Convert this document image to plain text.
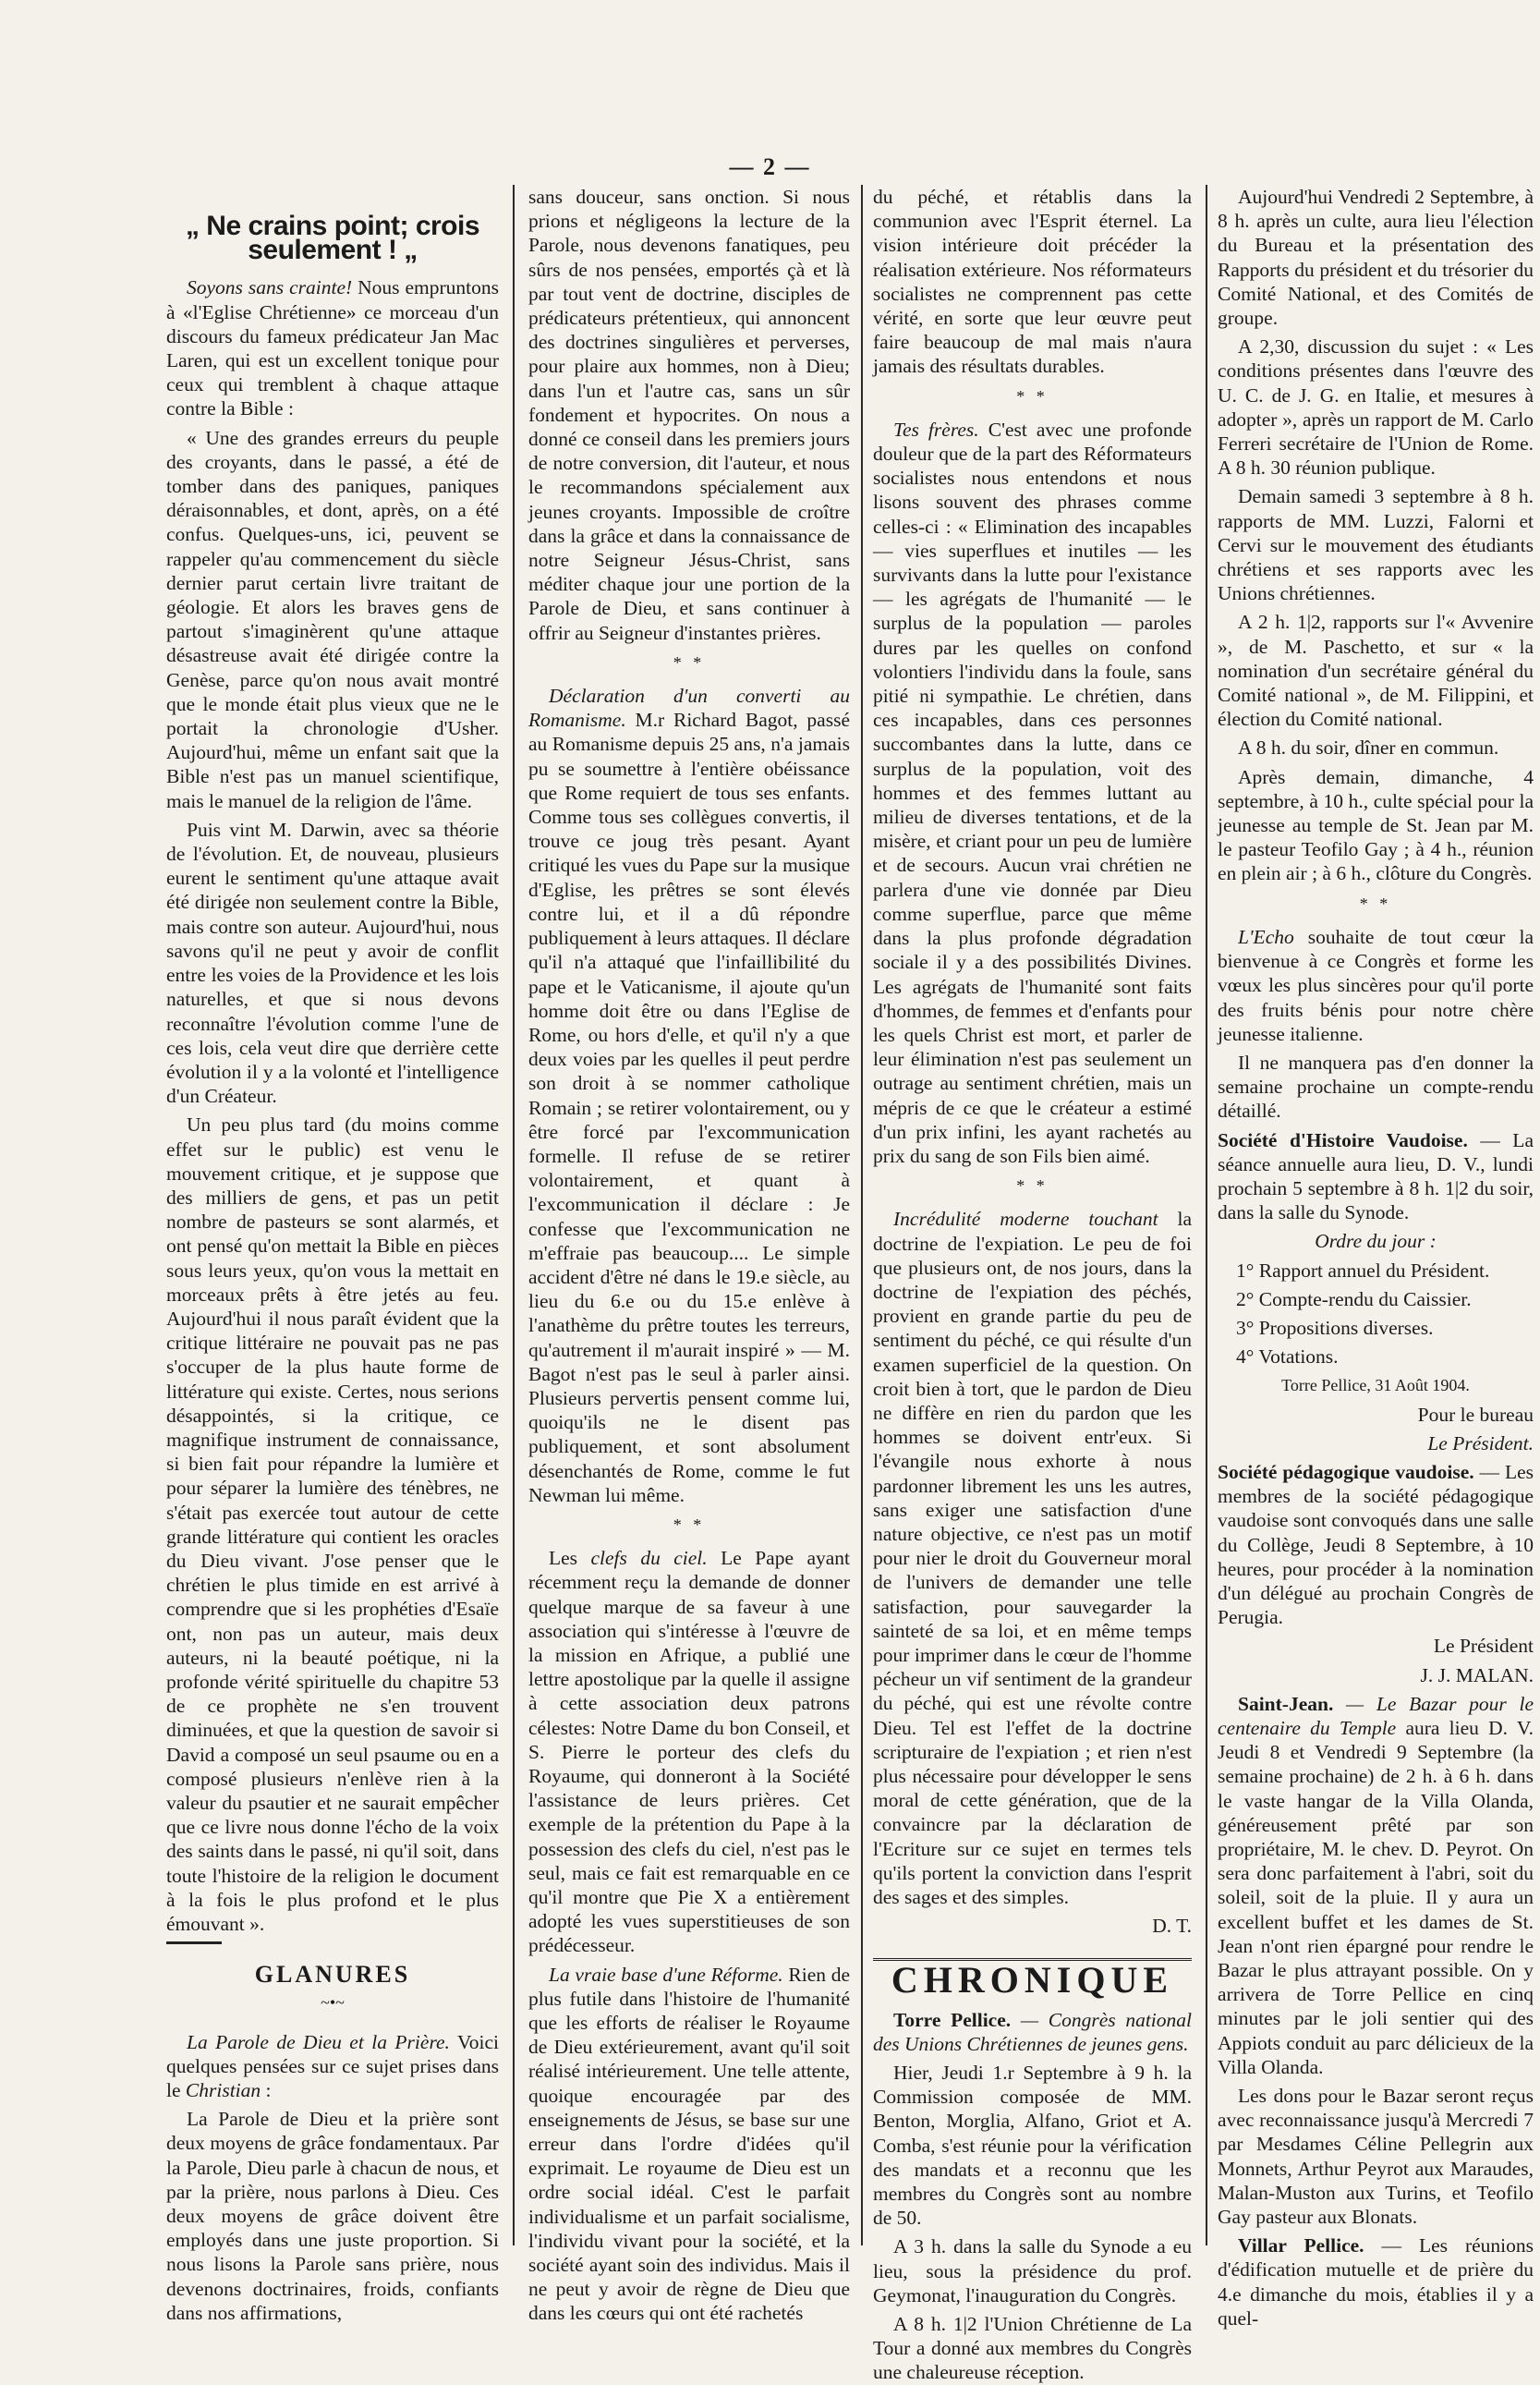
— 2 —
„ Ne crains point; crois seulement ! „

Soyons sans crainte! Nous empruntons à «l'Eglise Chrétienne» ce morceau d'un discours du fameux prédicateur Jan Mac Laren, qui est un excellent tonique pour ceux qui tremblent à chaque attaque contre la Bible :

« Une des grandes erreurs du peuple des croyants, dans le passé, a été de tomber dans des paniques, paniques déraisonnables, et dont, après, on a été confus. Quelques-uns, ici, peuvent se rappeler qu'au commencement du siècle dernier parut certain livre traitant de géologie. Et alors les braves gens de partout s'imaginèrent qu'une attaque désastreuse avait été dirigée contre la Genèse, parce qu'on nous avait montré que le monde était plus vieux que ne le portait la chronologie d'Usher. Aujourd'hui, même un enfant sait que la Bible n'est pas un manuel scientifique, mais le manuel de la religion de l'âme.

Puis vint M. Darwin, avec sa théorie de l'évolution. Et, de nouveau, plusieurs eurent le sentiment qu'une attaque avait été dirigée non seulement contre la Bible, mais contre son auteur. Aujourd'hui, nous savons qu'il ne peut y avoir de conflit entre les voies de la Providence et les lois naturelles, et que si nous devons reconnaître l'évolution comme l'une de ces lois, cela veut dire que derrière cette évolution il y a la volonté et l'intelligence d'un Créateur.

Un peu plus tard (du moins comme effet sur le public) est venu le mouvement critique, et je suppose que des milliers de gens, et pas un petit nombre de pasteurs se sont alarmés, et ont pensé qu'on mettait la Bible en pièces sous leurs yeux, qu'on vous la mettait en morceaux prêts à être jetés au feu. Aujourd'hui il nous paraît évident que la critique littéraire ne pouvait pas ne pas s'occuper de la plus haute forme de littérature qui existe. Certes, nous serions désappointés, si la critique, ce magnifique instrument de connaissance, si bien fait pour répandre la lumière et pour séparer la lumière des ténèbres, ne s'était pas exercée tout autour de cette grande littérature qui contient les oracles du Dieu vivant. J'ose penser que le chrétien le plus timide en est arrivé à comprendre que si les prophéties d'Esaïe ont, non pas un auteur, mais deux auteurs, ni la beauté poétique, ni la profonde vérité spirituelle du chapitre 53 de ce prophète ne s'en trouvent diminuées, et que la question de savoir si David a composé un seul psaume ou en a composé plusieurs n'enlève rien à la valeur du psautier et ne saurait empêcher que ce livre nous donne l'écho de la voix des saints dans le passé, ni qu'il soit, dans toute l'histoire de la religion le document à la fois le plus profond et le plus émouvant ».

GLANURES
~•~

La Parole de Dieu et la Prière. Voici quelques pensées sur ce sujet prises dans le Christian :

La Parole de Dieu et la prière sont deux moyens de grâce fondamentaux. Par la Parole, Dieu parle à chacun de nous, et par la prière, nous parlons à Dieu. Ces deux moyens de grâce doivent être employés dans une juste proportion. Si nous lisons la Parole sans prière, nous devenons doctrinaires, froids, confiants dans nos affirmations,

sans douceur, sans onction. Si nous prions et négligeons la lecture de la Parole, nous devenons fanatiques, peu sûrs de nos pensées, emportés çà et là par tout vent de doctrine, disciples de prédicateurs prétentieux, qui annoncent des doctrines singulières et perverses, pour plaire aux hommes, non à Dieu; dans l'un et l'autre cas, sans un sûr fondement et hypocrites. On nous a donné ce conseil dans les premiers jours de notre conversion, dit l'auteur, et nous le recommandons spécialement aux jeunes croyants. Impossible de croître dans la grâce et dans la connaissance de notre Seigneur Jésus-Christ, sans méditer chaque jour une portion de la Parole de Dieu, et sans continuer à offrir au Seigneur d'instantes prières.

* *

Déclaration d'un converti au Romanisme. M.r Richard Bagot, passé au Romanisme depuis 25 ans, n'a jamais pu se soumettre à l'entière obéissance que Rome requiert de tous ses enfants. Comme tous ses collègues convertis, il trouve ce joug très pesant. Ayant critiqué les vues du Pape sur la musique d'Eglise, les prêtres se sont élevés contre lui, et il a dû répondre publiquement à leurs attaques. Il déclare qu'il n'a attaqué que l'infaillibilité du pape et le Vaticanisme, il ajoute qu'un homme doit être ou dans l'Eglise de Rome, ou hors d'elle, et qu'il n'y a que deux voies par les quelles il peut perdre son droit à se nommer catholique Romain ; se retirer volontairement, ou y être forcé par l'excommunication formelle. Il refuse de se retirer volontairement, et quant à l'excommunication il déclare : Je confesse que l'excommunication ne m'effraie pas beaucoup.... Le simple accident d'être né dans le 19.e siècle, au lieu du 6.e ou du 15.e enlève à l'anathème du prêtre toutes les terreurs, qu'autrement il m'aurait inspiré » — M. Bagot n'est pas le seul à parler ainsi. Plusieurs pervertis pensent comme lui, quoiqu'ils ne le disent pas publiquement, et sont absolument désenchantés de Rome, comme le fut Newman lui même.

* *

Les clefs du ciel. Le Pape ayant récemment reçu la demande de donner quelque marque de sa faveur à une association qui s'intéresse à l'œuvre de la mission en Afrique, a publié une lettre apostolique par la quelle il assigne à cette association deux patrons célestes: Notre Dame du bon Conseil, et S. Pierre le porteur des clefs du Royaume, qui donneront à la Société l'assistance de leurs prières. Cet exemple de la prétention du Pape à la possession des clefs du ciel, n'est pas le seul, mais ce fait est remarquable en ce qu'il montre que Pie X a entièrement adopté les vues superstitieuses de son prédécesseur.

La vraie base d'une Réforme. Rien de plus futile dans l'histoire de l'humanité que les efforts de réaliser le Royaume de Dieu extérieurement, avant qu'il soit réalisé intérieurement. Une telle attente, quoique encouragée par des enseignements de Jésus, se base sur une erreur dans l'ordre d'idées qu'il exprimait. Le royaume de Dieu est un ordre social idéal. C'est le parfait individualisme et un parfait socialisme, l'individu vivant pour la société, et la société ayant soin des individus. Mais il ne peut y avoir de règne de Dieu que dans les cœurs qui ont été rachetés

du péché, et rétablis dans la communion avec l'Esprit éternel. La vision intérieure doit précéder la réalisation extérieure. Nos réformateurs socialistes ne comprennent pas cette vérité, en sorte que leur œuvre peut faire beaucoup de mal mais n'aura jamais des résultats durables.

* *

Tes frères. C'est avec une profonde douleur que de la part des Réformateurs socialistes nous entendons et nous lisons souvent des phrases comme celles-ci : « Elimination des incapables — vies superflues et inutiles — les survivants dans la lutte pour l'existance — les agrégats de l'humanité — le surplus de la population — paroles dures par les quelles on confond volontiers l'individu dans la foule, sans pitié ni sympathie. Le chrétien, dans ces incapables, dans ces personnes succombantes dans la lutte, dans ce surplus de la population, voit des hommes et des femmes luttant au milieu de diverses tentations, et de la misère, et criant pour un peu de lumière et de secours. Aucun vrai chrétien ne parlera d'une vie donnée par Dieu comme superflue, parce que même dans la plus profonde dégradation sociale il y a des possibilités Divines. Les agrégats de l'humanité sont faits d'hommes, de femmes et d'enfants pour les quels Christ est mort, et parler de leur élimination n'est pas seulement un outrage au sentiment chrétien, mais un mépris de ce que le créateur a estimé d'un prix infini, les ayant rachetés au prix du sang de son Fils bien aimé.

* *

Incrédulité moderne touchant la doctrine de l'expiation. Le peu de foi que plusieurs ont, de nos jours, dans la doctrine de l'expiation des péchés, provient en grande partie du peu de sentiment du péché, ce qui résulte d'un examen superficiel de la question. On croit bien à tort, que le pardon de Dieu ne diffère en rien du pardon que les hommes se doivent entr'eux. Si l'évangile nous exhorte à nous pardonner librement les uns les autres, sans exiger une satisfaction d'une nature objective, ce n'est pas un motif pour nier le droit du Gouverneur moral de l'univers de demander une telle satisfaction, pour sauvegarder la sainteté de sa loi, et en même temps pour imprimer dans le cœur de l'homme pécheur un vif sentiment de la grandeur du péché, qui est une révolte contre Dieu. Tel est l'effet de la doctrine scripturaire de l'expiation ; et rien n'est plus nécessaire pour développer le sens moral de cette génération, que de la convaincre par la déclaration de l'Ecriture sur ce sujet en termes tels qu'ils portent la conviction dans l'esprit des sages et des simples.

D. T.

CHRONIQUE

Torre Pellice. — Congrès national des Unions Chrétiennes de jeunes gens.

Hier, Jeudi 1.r Septembre à 9 h. la Commission composée de MM. Benton, Morglia, Alfano, Griot et A. Comba, s'est réunie pour la vérification des mandats et a reconnu que les membres du Congrès sont au nombre de 50.

A 3 h. dans la salle du Synode a eu lieu, sous la présidence du prof. Geymonat, l'inauguration du Congrès.

A 8 h. 1|2 l'Union Chrétienne de La Tour a donné aux membres du Congrès une chaleureuse réception.

Aujourd'hui Vendredi 2 Septembre, à 8 h. après un culte, aura lieu l'élection du Bureau et la présentation des Rapports du président et du trésorier du Comité National, et des Comités de groupe.

A 2,30, discussion du sujet : « Les conditions présentes dans l'œuvre des U. C. de J. G. en Italie, et mesures à adopter », après un rapport de M. Carlo Ferreri secrétaire de l'Union de Rome. A 8 h. 30 réunion publique.

Demain samedi 3 septembre à 8 h. rapports de MM. Luzzi, Falorni et Cervi sur le mouvement des étudiants chrétiens et ses rapports avec les Unions chrétiennes.

A 2 h. 1|2, rapports sur l'« Avvenire », de M. Paschetto, et sur « la nomination d'un secrétaire général du Comité national », de M. Filippini, et élection du Comité national.

A 8 h. du soir, dîner en commun.

Après demain, dimanche, 4 septembre, à 10 h., culte spécial pour la jeunesse au temple de St. Jean par M. le pasteur Teofilo Gay ; à 4 h., réunion en plein air ; à 6 h., clôture du Congrès.

* *

L'Echo souhaite de tout cœur la bienvenue à ce Congrès et forme les vœux les plus sincères pour qu'il porte des fruits bénis pour notre chère jeunesse italienne.

Il ne manquera pas d'en donner la semaine prochaine un compte-rendu détaillé.

Société d'Histoire Vaudoise. — La séance annuelle aura lieu, D. V., lundi prochain 5 septembre à 8 h. 1|2 du soir, dans la salle du Synode.

Ordre du jour :

1° Rapport annuel du Président.

2° Compte-rendu du Caissier.

3° Propositions diverses.

4° Votations.

Torre Pellice, 31 Août 1904.

Pour le bureau

Le Président.

Société pédagogique vaudoise. — Les membres de la société pédagogique vaudoise sont convoqués dans une salle du Collège, Jeudi 8 Septembre, à 10 heures, pour procéder à la nomination d'un délégué au prochain Congrès de Perugia.

Le Président

J. J. MALAN.

Saint-Jean. — Le Bazar pour le centenaire du Temple aura lieu D. V. Jeudi 8 et Vendredi 9 Septembre (la semaine prochaine) de 2 h. à 6 h. dans le vaste hangar de la Villa Olanda, généreusement prêté par son propriétaire, M. le chev. D. Peyrot. On sera donc parfaitement à l'abri, soit du soleil, soit de la pluie. Il y aura un excellent buffet et les dames de St. Jean n'ont rien épargné pour rendre le Bazar le plus attrayant possible. On y arrivera de Torre Pellice en cinq minutes par le joli sentier qui des Appiots conduit au parc délicieux de la Villa Olanda.

Les dons pour le Bazar seront reçus avec reconnaissance jusqu'à Mercredi 7 par Mesdames Céline Pellegrin aux Monnets, Arthur Peyrot aux Maraudes, Malan-Muston aux Turins, et Teofilo Gay pasteur aux Blonats.

Villar Pellice. — Les réunions d'édification mutuelle et de prière du 4.e dimanche du mois, établies il y a quel-
